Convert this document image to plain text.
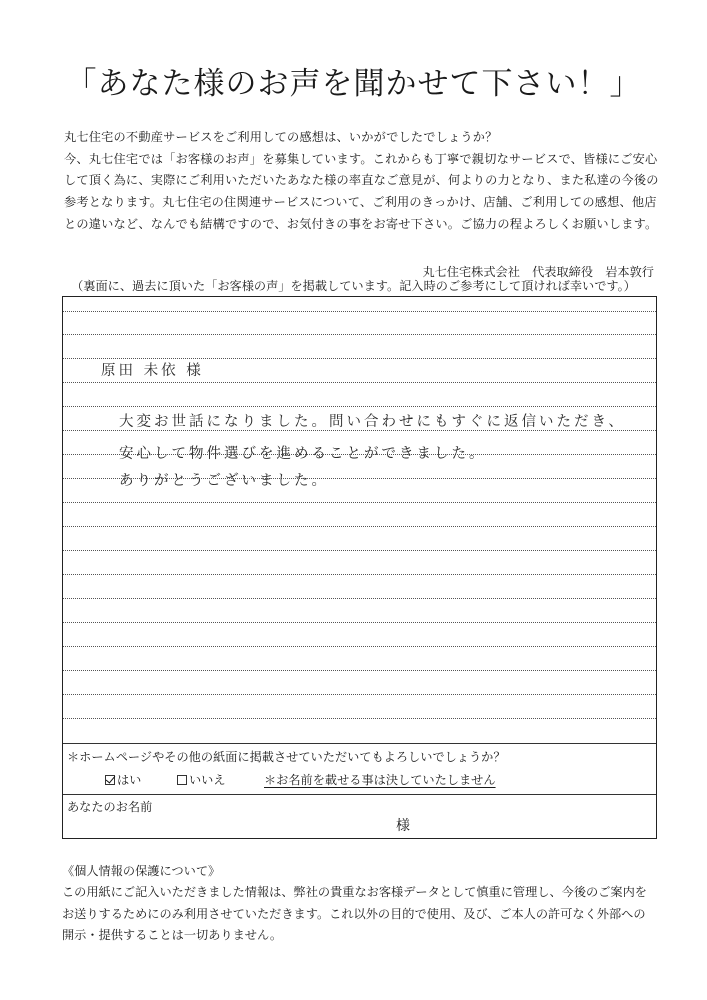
「あなた様のお声を聞かせて下さい！」
丸七住宅の不動産サービスをご利用しての感想は、いかがでしたでしょうか？
今、丸七住宅では「お客様のお声」を募集しています。これからも丁寧で親切なサービスで、皆様にご安心
して頂く為に、実際にご利用いただいたあなた様の率直なご意見が、何よりの力となり、また私達の今後の
参考となります。丸七住宅の住関連サービスについて、ご利用のきっかけ、店舗、ご利用しての感想、他店
との違いなど、なんでも結構ですので、お気付きの事をお寄せ下さい。ご協力の程よろしくお願いします。
丸七住宅株式会社　代表取締役　岩本敦行
（裏面に、過去に頂いた「お客様の声」を掲載しています。記入時のご参考にして頂ければ幸いです。）
原田 未依 様
大変お世話になりました。問い合わせにもすぐに返信いただき、
安心して物件選びを進めることができました。
ありがとうございました。
＊ホームページやその他の紙面に掲載させていただいてもよろしいでしょうか？
はい	いいえ	＊お名前を載せる事は決していたしません
あなたのお名前
様
《個人情報の保護について》
この用紙にご記入いただきました情報は、弊社の貴重なお客様データとして慎重に管理し、今後のご案内を
お送りするためにのみ利用させていただきます。これ以外の目的で使用、及び、ご本人の許可なく外部への
開示・提供することは一切ありません。
